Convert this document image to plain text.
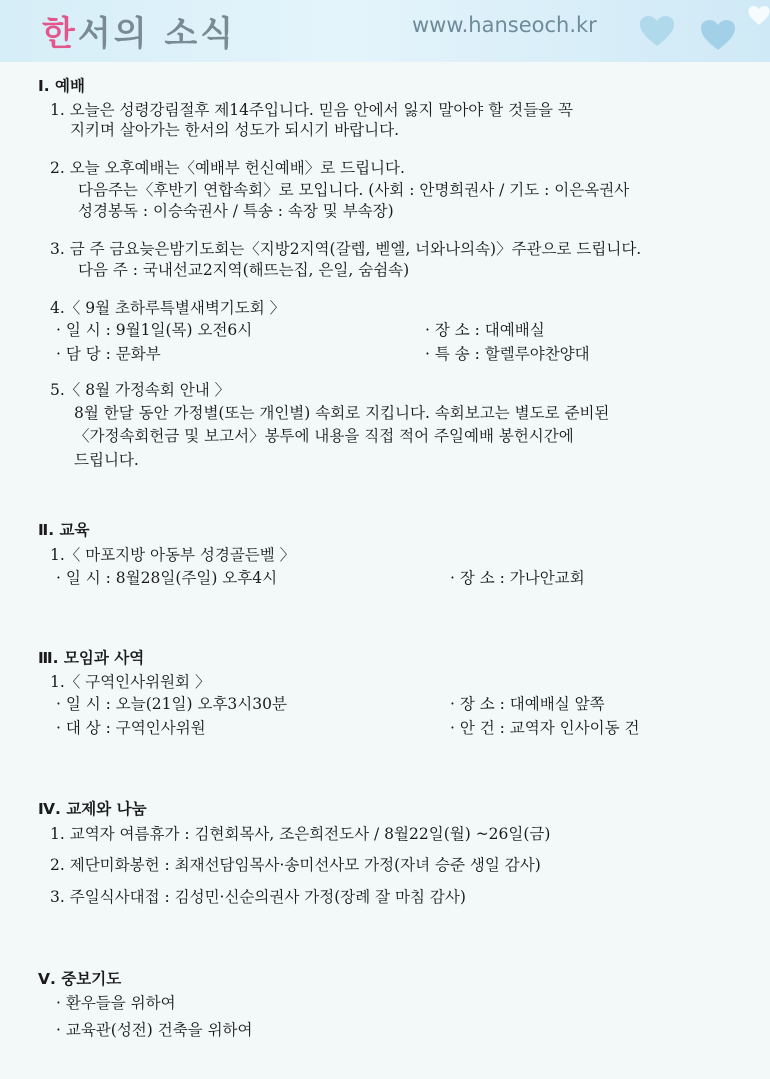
한서의 소식	www.hanseoch.kr
Ⅰ. 예배
1. 오늘은 성령강림절후 제14주입니다. 믿음 안에서 잃지 말아야 할 것들을 꼭
지키며 살아가는 한서의 성도가 되시기 바랍니다.
2. 오늘 오후예배는〈예배부 헌신예배〉로 드립니다.
다음주는〈후반기 연합속회〉로 모입니다. (사회 : 안명희권사 / 기도 : 이은옥권사
성경봉독 : 이승숙권사 / 특송 : 속장 및 부속장)
3. 금 주 금요늦은밤기도회는〈지방2지역(갈렙, 벧엘, 너와나의속)〉주관으로 드립니다.
다음 주 : 국내선교2지역(해뜨는집, 은일, 숨쉼속)
4.〈 9월 초하루특별새벽기도회 〉
· 일 시 : 9월1일(목) 오전6시	· 장 소 : 대예배실
· 담 당 : 문화부	· 특 송 : 할렐루야찬양대
5.〈 8월 가정속회 안내 〉
8월 한달 동안 가정별(또는 개인별) 속회로 지킵니다. 속회보고는 별도로 준비된
〈가정속회헌금 및 보고서〉봉투에 내용을 직접 적어 주일예배 봉헌시간에
드립니다.
Ⅱ. 교육
1.〈 마포지방 아동부 성경골든벨 〉
· 일 시 : 8월28일(주일) 오후4시	· 장 소 : 가나안교회
Ⅲ. 모임과 사역
1.〈 구역인사위원회 〉
· 일 시 : 오늘(21일) 오후3시30분	· 장 소 : 대예배실 앞쪽
· 대 상 : 구역인사위원	· 안 건 : 교역자 인사이동 건
Ⅳ. 교제와 나눔
1. 교역자 여름휴가 : 김현회목사, 조은희전도사 / 8월22일(월) ~26일(금)
2. 제단미화봉헌 : 최재선담임목사·송미선사모 가정(자녀 승준 생일 감사)
3. 주일식사대접 : 김성민·신순의권사 가정(장례 잘 마침 감사)
Ⅴ. 중보기도
· 환우들을 위하여
· 교육관(성전) 건축을 위하여
